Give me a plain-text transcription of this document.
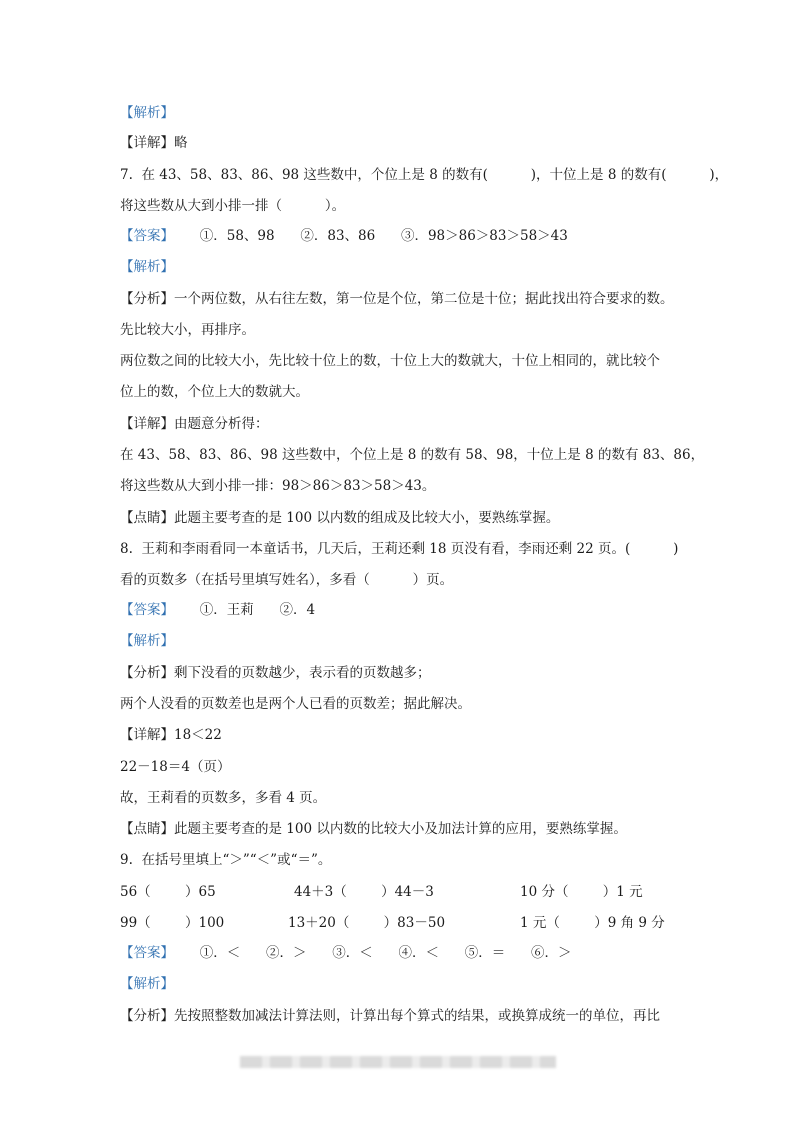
【解析】
【详解】略
7.  在 43、58、83、86、98 这些数中，个位上是 8 的数有(          )，十位上是 8 的数有(          )，
将这些数从大到小排一排（          ）。
【答案】      ①．58、98      ②．83、86      ③．98＞86＞83＞58＞43
【解析】
【分析】一个两位数，从右往左数，第一位是个位，第二位是十位；据此找出符合要求的数。
先比较大小，再排序。
两位数之间的比较大小，先比较十位上的数，十位上大的数就大，十位上相同的，就比较个
位上的数，个位上大的数就大。
【详解】由题意分析得：
在 43、58、83、86、98 这些数中，个位上是 8 的数有 58、98，十位上是 8 的数有 83、86，
将这些数从大到小排一排：98＞86＞83＞58＞43。
【点睛】此题主要考查的是 100 以内数的组成及比较大小，要熟练掌握。
8.  王莉和李雨看同一本童话书，几天后，王莉还剩 18 页没有看，李雨还剩 22 页。(          )
看的页数多（在括号里填写姓名），多看（          ）页。
【答案】      ①．王莉      ②．4
【解析】
【分析】剩下没看的页数越少，表示看的页数越多；
两个人没看的页数差也是两个人已看的页数差；据此解决。
【详解】18＜22
22－18＝4（页）
故，王莉看的页数多，多看 4 页。
【点睛】此题主要考查的是 100 以内数的比较大小及加法计算的应用，要熟练掌握。
9.  在括号里填上“＞”“＜”或“＝”。
56（        ）65	44＋3（        ）44－3	10 分（        ）1 元
99（        ）100	13＋20（        ）83－50	1 元（        ）9 角 9 分
【答案】      ①．＜      ②．＞      ③．＜      ④．＜      ⑤．＝      ⑥．＞
【解析】
【分析】先按照整数加减法计算法则，计算出每个算式的结果，或换算成统一的单位，再比
